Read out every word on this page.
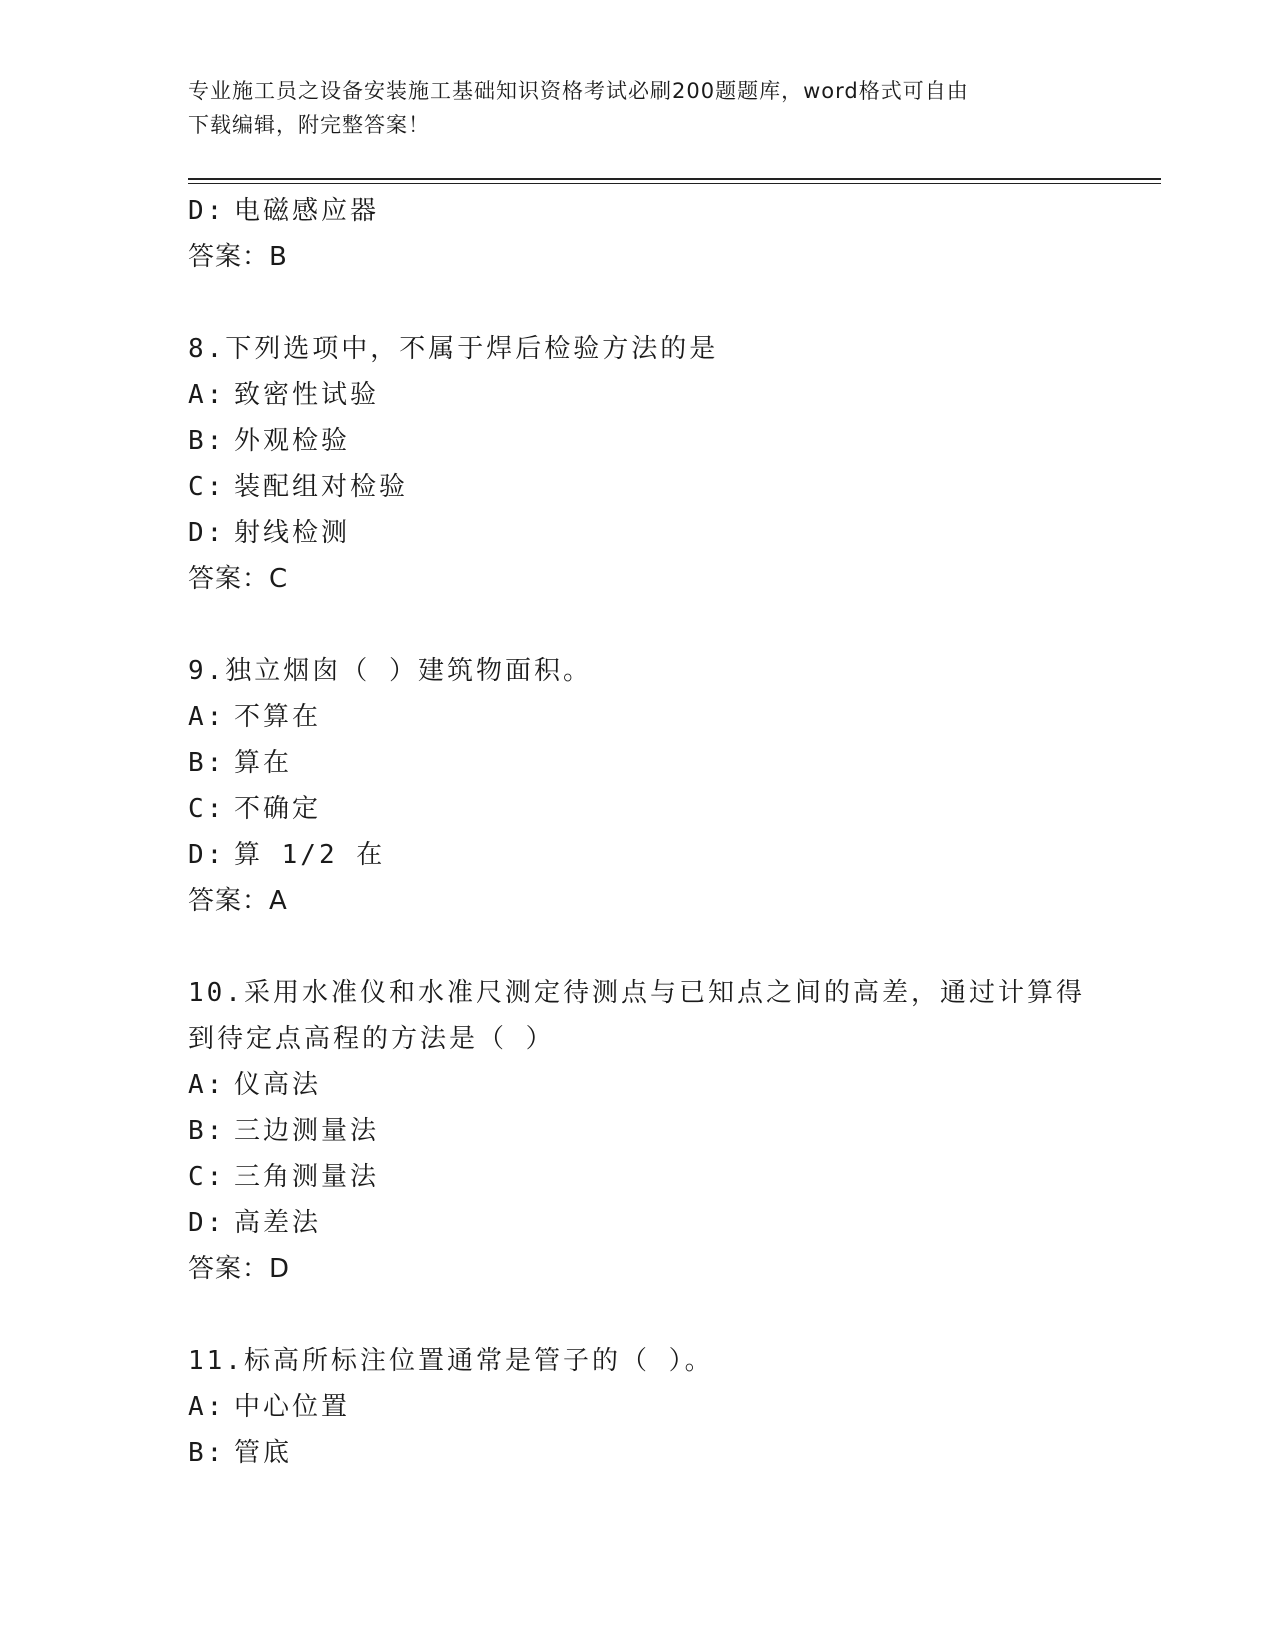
专业施工员之设备安装施工基础知识资格考试必刷200题题库，word格式可自由
下载编辑，附完整答案！
D: 电磁感应器
答案：B
8.下列选项中，不属于焊后检验方法的是
A: 致密性试验
B: 外观检验
C: 装配组对检验
D: 射线检测
答案：C
9.独立烟囱（ ）建筑物面积。
A: 不算在
B: 算在
C: 不确定
D: 算 1/2 在
答案：A
10.采用水准仪和水准尺测定待测点与已知点之间的高差，通过计算得
到待定点高程的方法是（ ）
A: 仪高法
B: 三边测量法
C: 三角测量法
D: 高差法
答案：D
11.标高所标注位置通常是管子的（ ）。
A: 中心位置
B: 管底
